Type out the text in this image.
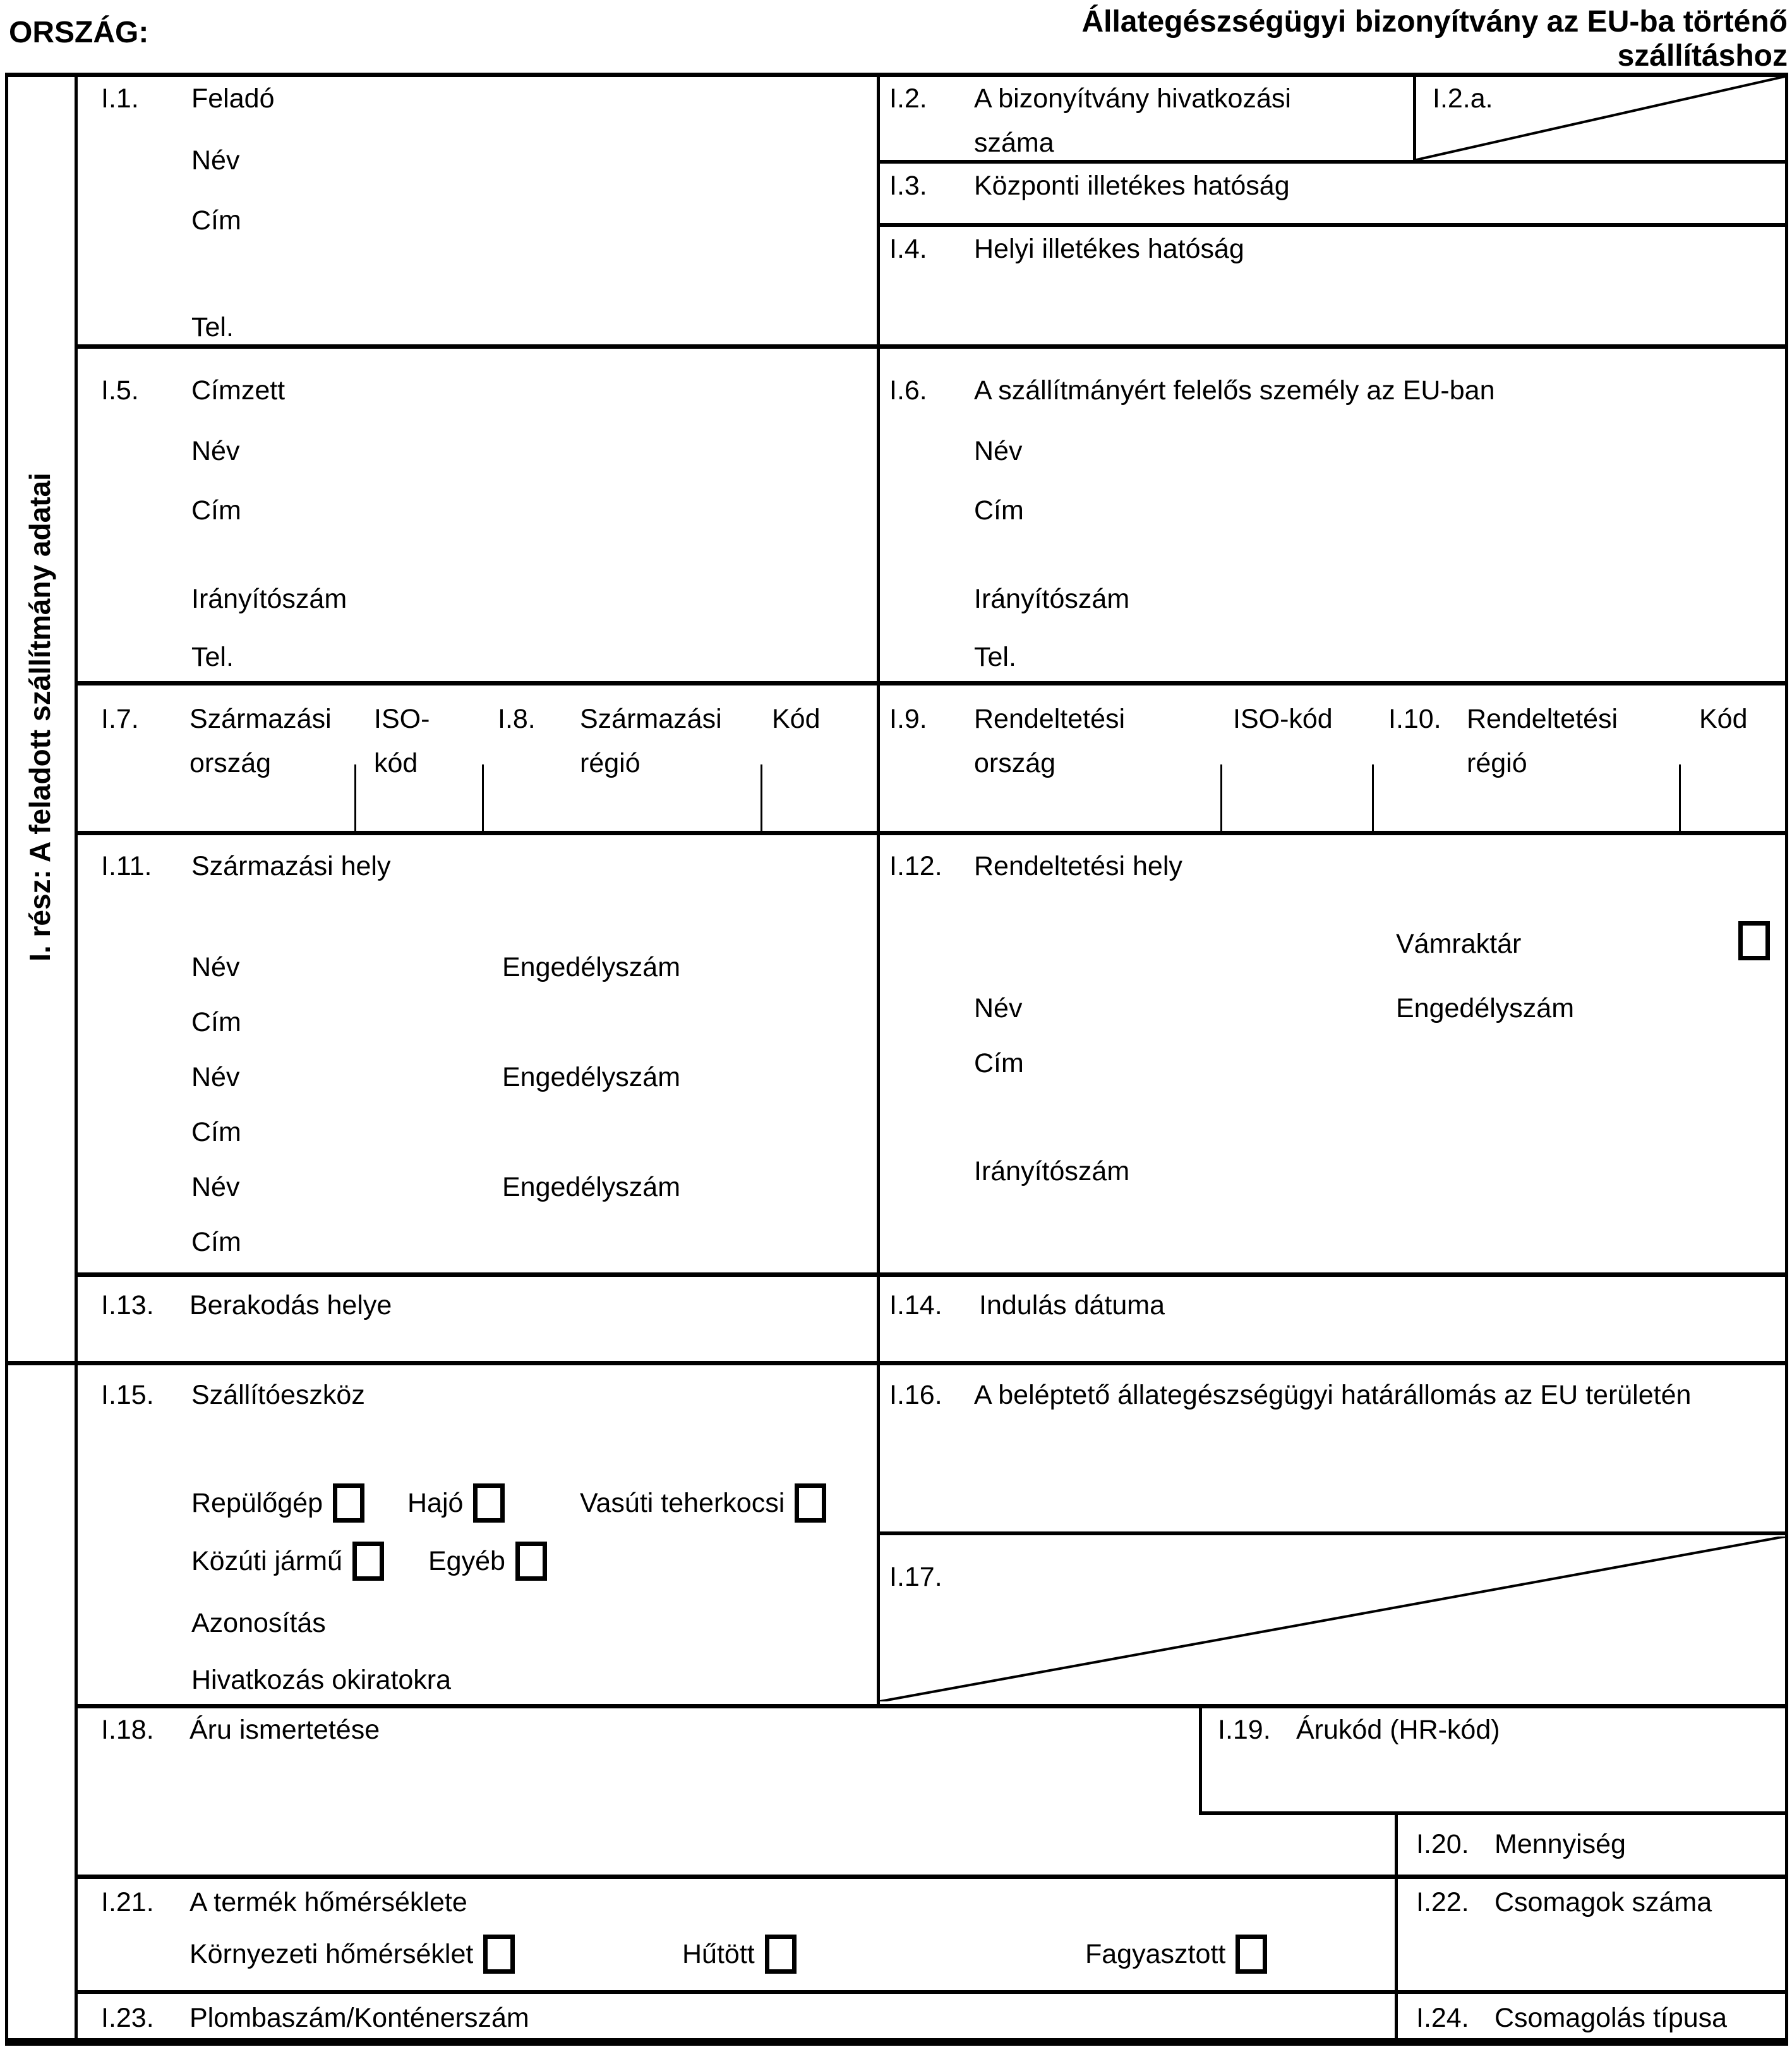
ORSZÁG:	Állategészségügyi bizonyítvány az EU-ba történő
szállításhoz
I. rész: A feladott szállítmány adatai
I.1. Feladó
Név
Cím
Tel.
I.2. A bizonyítvány hivatkozási
száma
I.2.a.
I.3. Központi illetékes hatóság
I.4. Helyi illetékes hatóság
I.5. Címzett
Név
Cím
Irányítószám
Tel.
I.6. A szállítmányért felelős személy az EU-ban
Név
Cím
Irányítószám
Tel.
I.7. Származási
ország
ISO-
kód
I.8. Származási
régió
Kód	I.9. Rendeltetési
ország
ISO-kód I.10. Rendeltetési
régió
Kód
I.11. Származási hely
Név	Engedélyszám
Cím
Név	Engedélyszám
Cím
Név	Engedélyszám
Cím
I.12. Rendeltetési hely
Vámraktár
Név	Engedélyszám
Cím
Irányítószám
I.13. Berakodás helye	I.14. Indulás dátuma
I.15. Szállítóeszköz
Repülőgép	Hajó	Vasúti teherkocsi
Közúti jármű	Egyéb
Azonosítás
Hivatkozás okiratokra
I.16. A beléptető állategészségügyi határállomás az EU területén
I.17.
I.18. Áru ismertetése	I.19. Árukód (HR-kód)
I.20. Mennyiség
I.21. A termék hőmérséklete
Környezeti hőmérséklet	Hűtött	Fagyasztott
I.22. Csomagok száma
I.23. Plombaszám/Konténerszám	I.24. Csomagolás típusa
